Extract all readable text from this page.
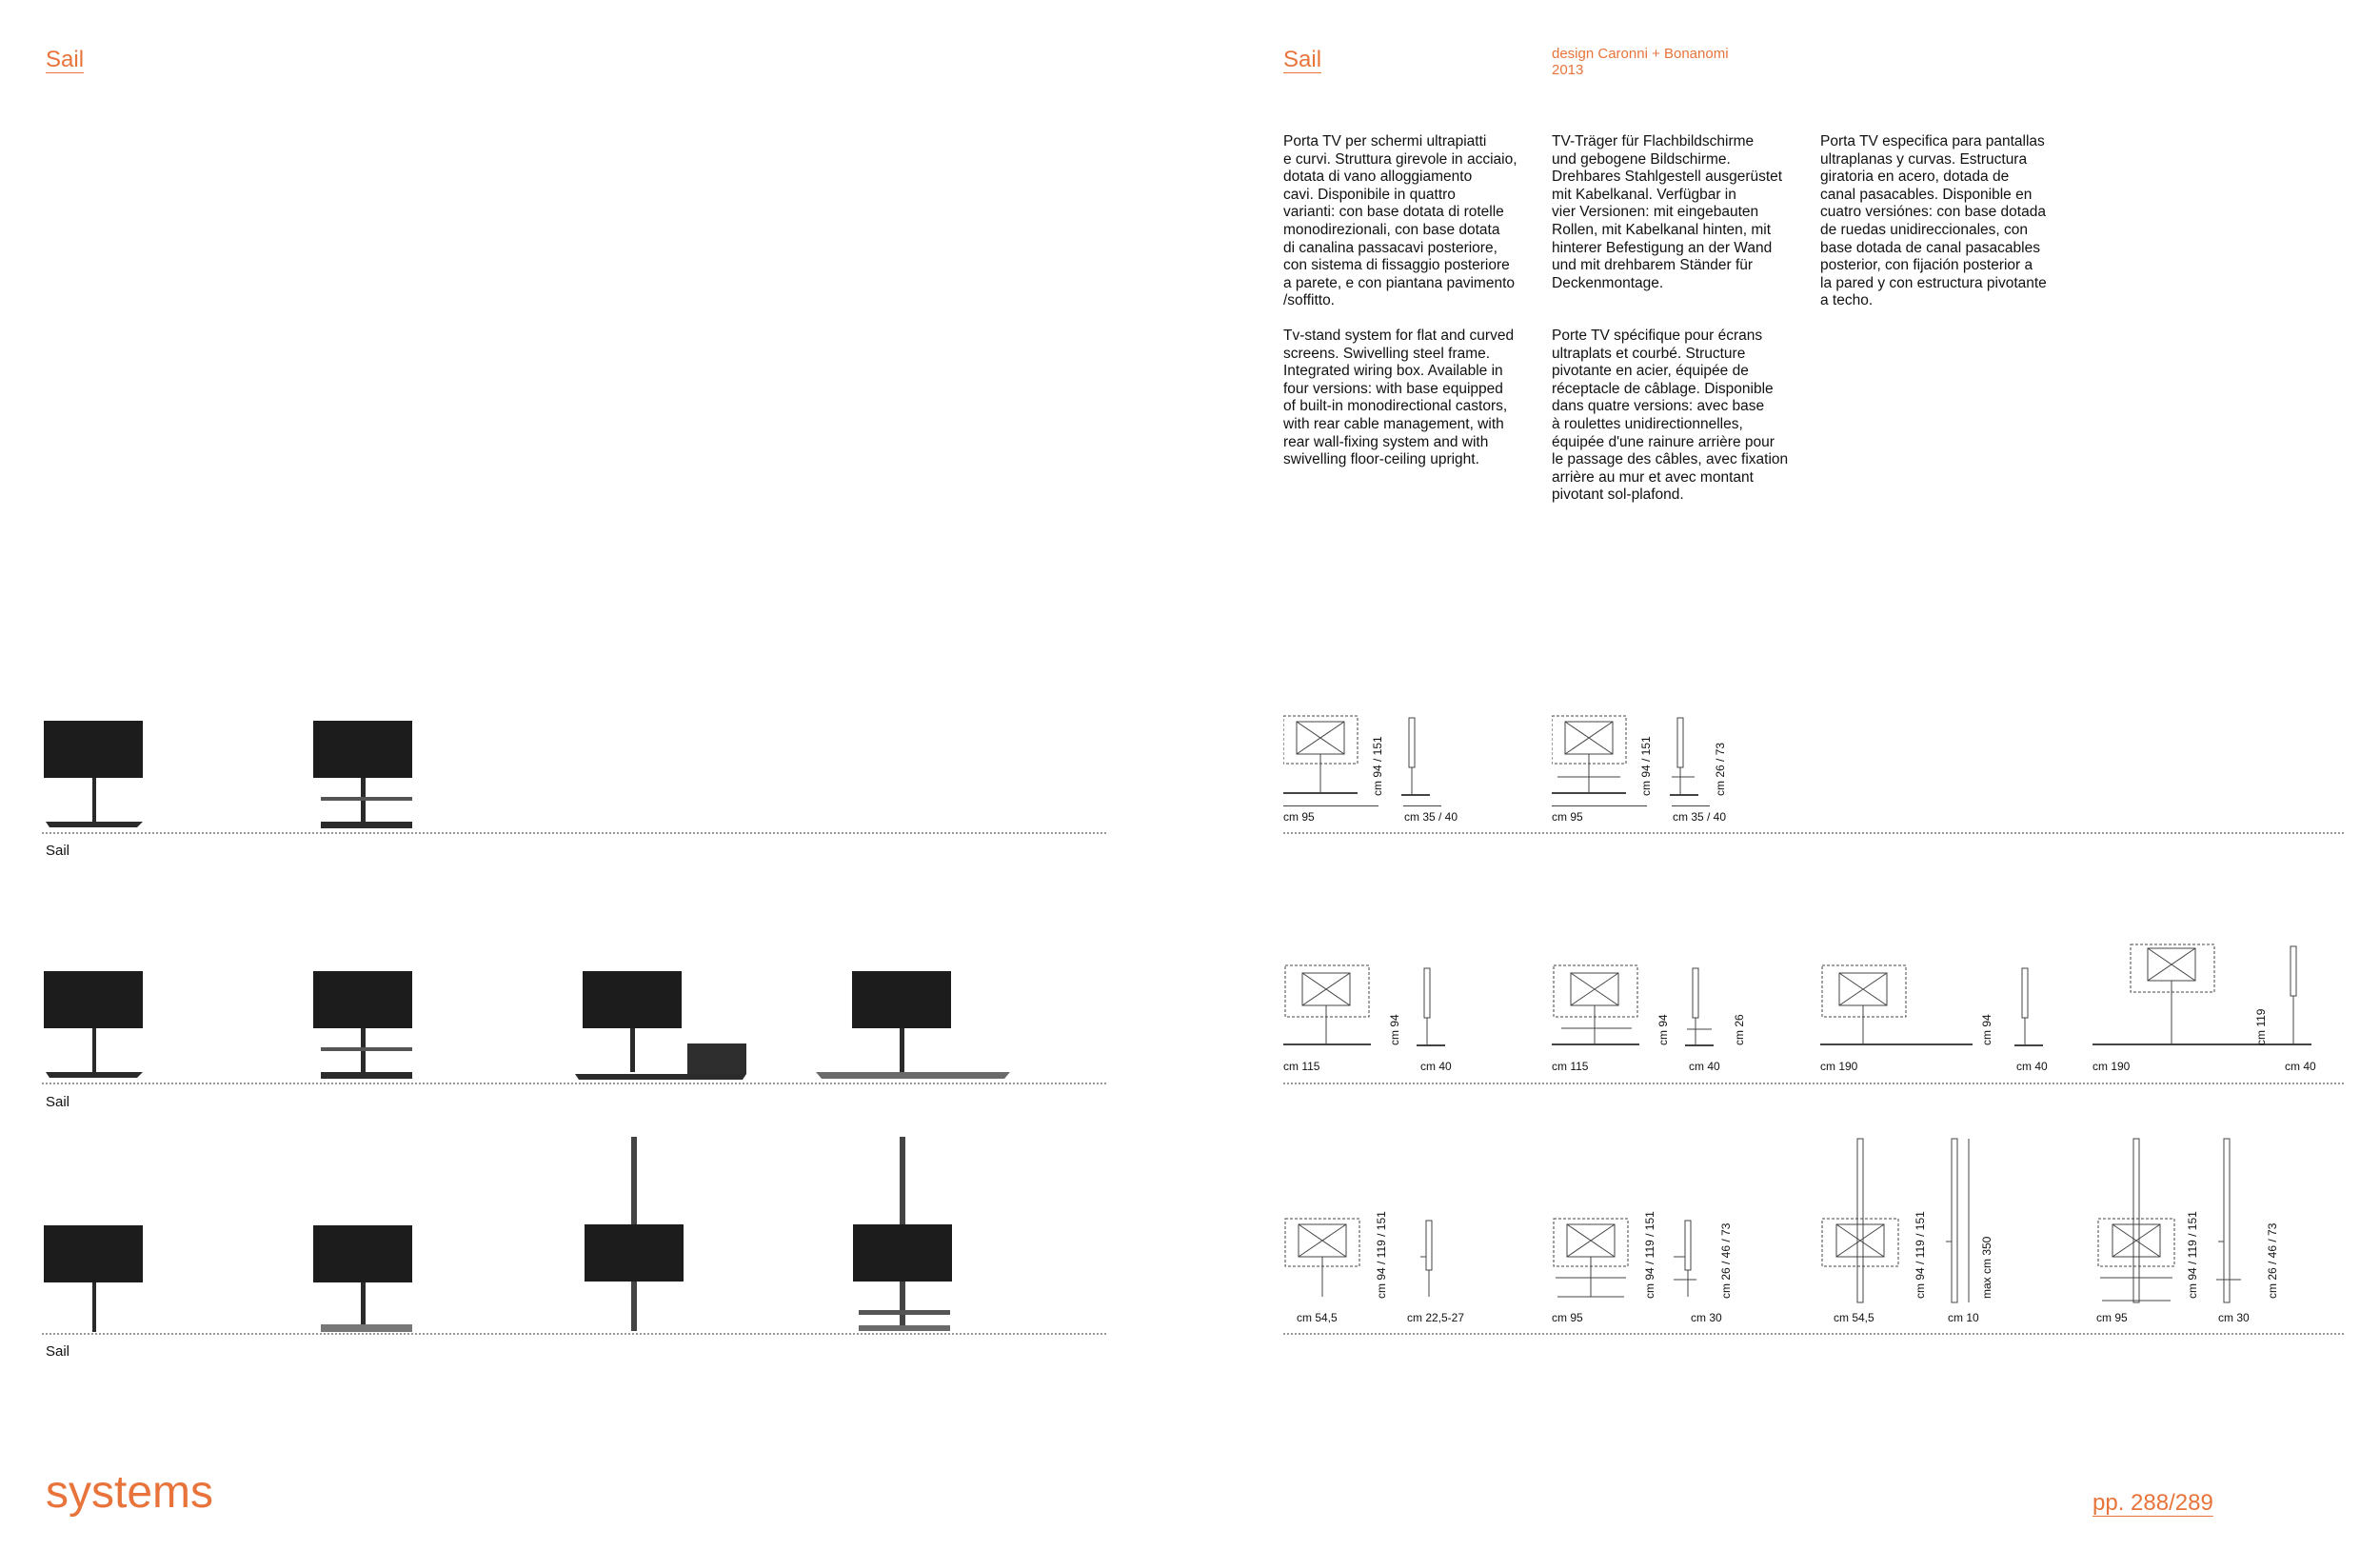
Sail
Sail
Sail
Sail
systems
Sail	design Caronni + Bonanomi
2013
Porta TV per schermi ultrapiatti
e curvi. Struttura girevole in acciaio,
dotata di vano alloggiamento
cavi. Disponibile in quattro
varianti: con base dotata di rotelle
monodirezionali, con base dotata
di canalina passacavi posteriore,
con sistema di fissaggio posteriore
a parete, e con piantana pavimento
/soffitto.
Tv-stand system for flat and curved
screens. Swivelling steel frame.
Integrated wiring box. Available in
four versions: with base equipped
of built-in monodirectional castors,
with rear cable management, with
rear wall-fixing system and with
swivelling floor-ceiling upright.
TV-Träger für Flachbildschirme
und gebogene Bildschirme.
Drehbares Stahlgestell ausgerüstet
mit Kabelkanal. Verfügbar in
vier Versionen: mit eingebauten
Rollen, mit Kabelkanal hinten, mit
hinterer Befestigung an der Wand
und mit drehbarem Ständer für
Deckenmontage.
Porte TV spécifique pour écrans
ultraplats et courbé. Structure
pivotante en acier, équipée de
réceptacle de câblage. Disponible
dans quatre versions: avec base
à roulettes unidirectionnelles,
équipée d'une rainure arrière pour
le passage des câbles, avec fixation
arrière au mur et avec montant
pivotant sol-plafond.
Porta TV especifica para pantallas
ultraplanas y curvas. Estructura
giratoria en acero, dotada de
canal pasacables. Disponible en
cuatro versiónes: con base dotada
de ruedas unidireccionales, con
base dotada de canal pasacables
posterior, con fijación posterior a
la pared y con estructura pivotante
a techo.
cm 94 / 151
cm 95	cm 35 / 40
cm 94 / 151	cm 26 / 73
cm 95	cm 35 / 40
cm 94
cm 115	cm 40
cm 94	cm 26
cm 115	cm 40
cm 94
cm 190	cm 40
cm 119
cm 190	cm 40
cm 94 / 119 / 151
cm 54,5	cm 22,5-27
cm 94 / 119 / 151	cm 26 / 46 / 73
cm 95	cm 30
cm 94 / 119 / 151	max cm 350
cm 54,5	cm 10
cm 94 / 119 / 151	cm 26 / 46 / 73
cm 95	cm 30
pp. 288/289
